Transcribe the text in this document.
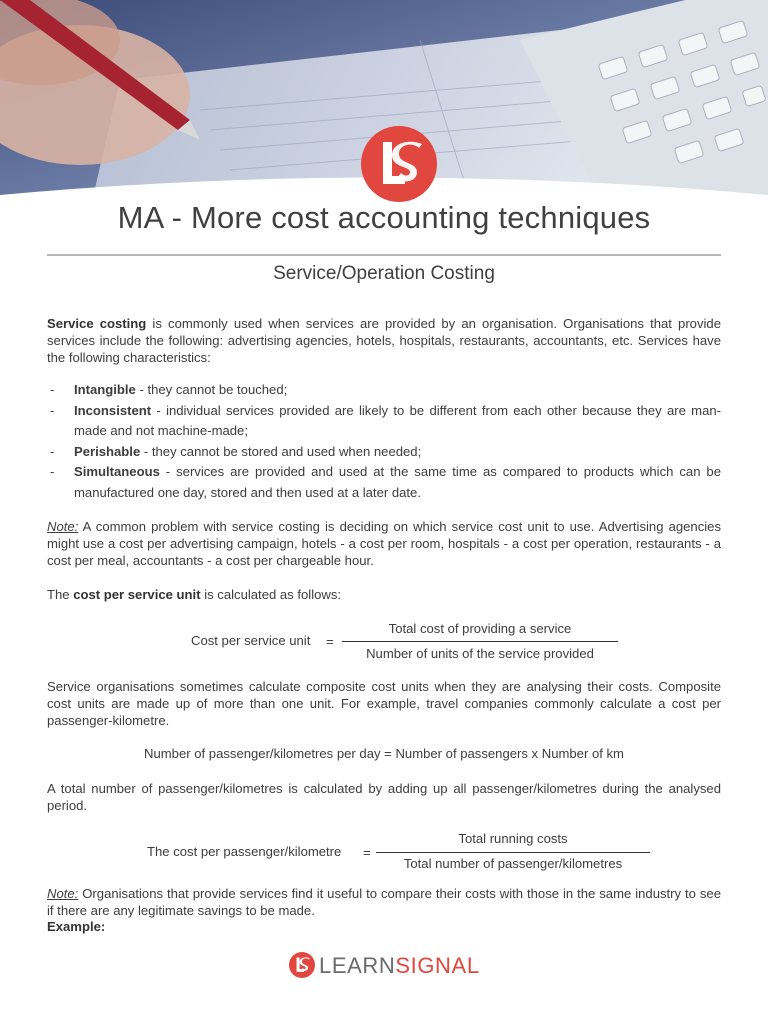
MA - More cost accounting techniques
Service/Operation Costing
Service costing is commonly used when services are provided by an organisation. Organisations that provide services include the following: advertising agencies, hotels, hospitals, restaurants, accountants, etc. Services have the following characteristics:
- Intangible - they cannot be touched;
- Inconsistent - individual services provided are likely to be different from each other because they are man-made and not machine-made;
- Perishable - they cannot be stored and used when needed;
- Simultaneous - services are provided and used at the same time as compared to products which can be manufactured one day, stored and then used at a later date.
Note: A common problem with service costing is deciding on which service cost unit to use. Advertising agencies might use a cost per advertising campaign, hotels - a cost per room, hospitals - a cost per operation, restaurants - a cost per meal, accountants - a cost per chargeable hour.
The cost per service unit is calculated as follows:
Cost per service unit =
Total cost of providing a service
Number of units of the service provided
Service organisations sometimes calculate composite cost units when they are analysing their costs. Composite cost units are made up of more than one unit. For example, travel companies commonly calculate a cost per passenger-kilometre.
Number of passenger/kilometres per day = Number of passengers x Number of km
A total number of passenger/kilometres is calculated by adding up all passenger/kilometres during the analysed period.
The cost per passenger/kilometre =
Total running costs
Total number of passenger/kilometres
Note: Organisations that provide services find it useful to compare their costs with those in the same industry to see if there are any legitimate savings to be made.
Example:
LEARNSIGNAL
